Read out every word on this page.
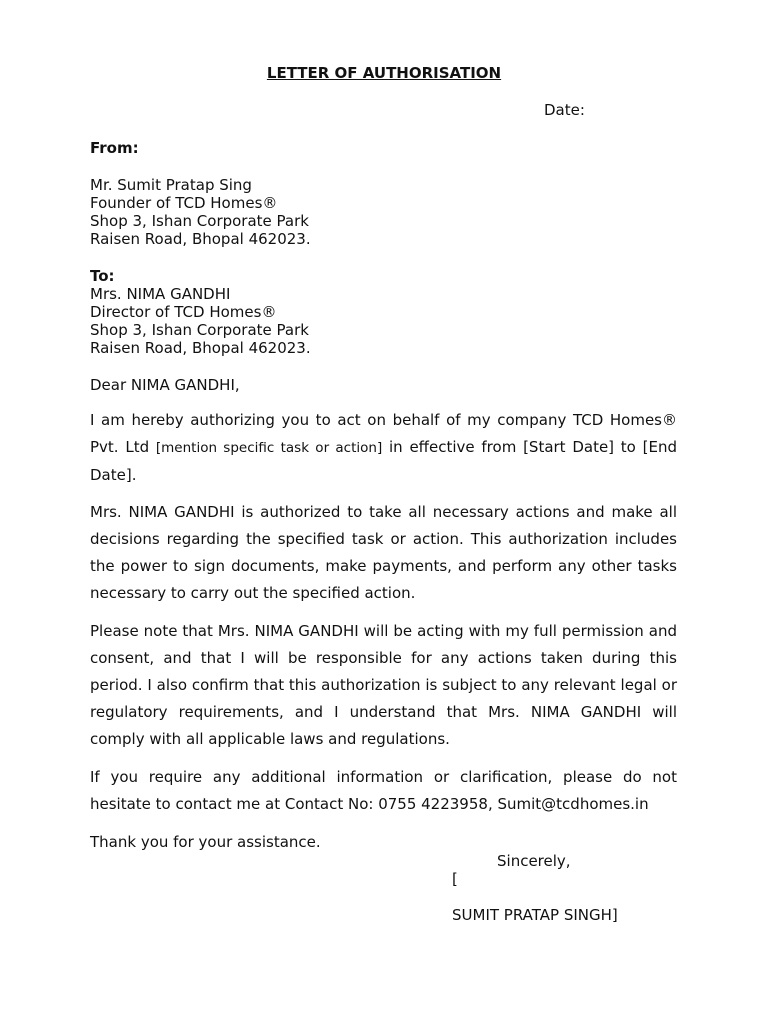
LETTER OF AUTHORISATION
Date:
From:
Mr. Sumit Pratap Sing
Founder of TCD Homes®
Shop 3, Ishan Corporate Park
Raisen Road, Bhopal 462023.
To:
Mrs. NIMA GANDHI
Director of TCD Homes®
Shop 3, Ishan Corporate Park
Raisen Road, Bhopal 462023.
Dear NIMA GANDHI,
I am hereby authorizing you to act on behalf of my company TCD Homes® Pvt. Ltd [mention specific task or action] in effective from [Start Date] to [End Date].
Mrs. NIMA GANDHI is authorized to take all necessary actions and make all decisions regarding the specified task or action. This authorization includes the power to sign documents, make payments, and perform any other tasks necessary to carry out the specified action.
Please note that Mrs. NIMA GANDHI will be acting with my full permission and consent, and that I will be responsible for any actions taken during this period. I also confirm that this authorization is subject to any relevant legal or regulatory requirements, and I understand that Mrs. NIMA GANDHI will comply with all applicable laws and regulations.
If you require any additional information or clarification, please do not hesitate to contact me at Contact No: 0755 4223958, Sumit@tcdhomes.in
Thank you for your assistance.
Sincerely,
[
SUMIT PRATAP SINGH]
